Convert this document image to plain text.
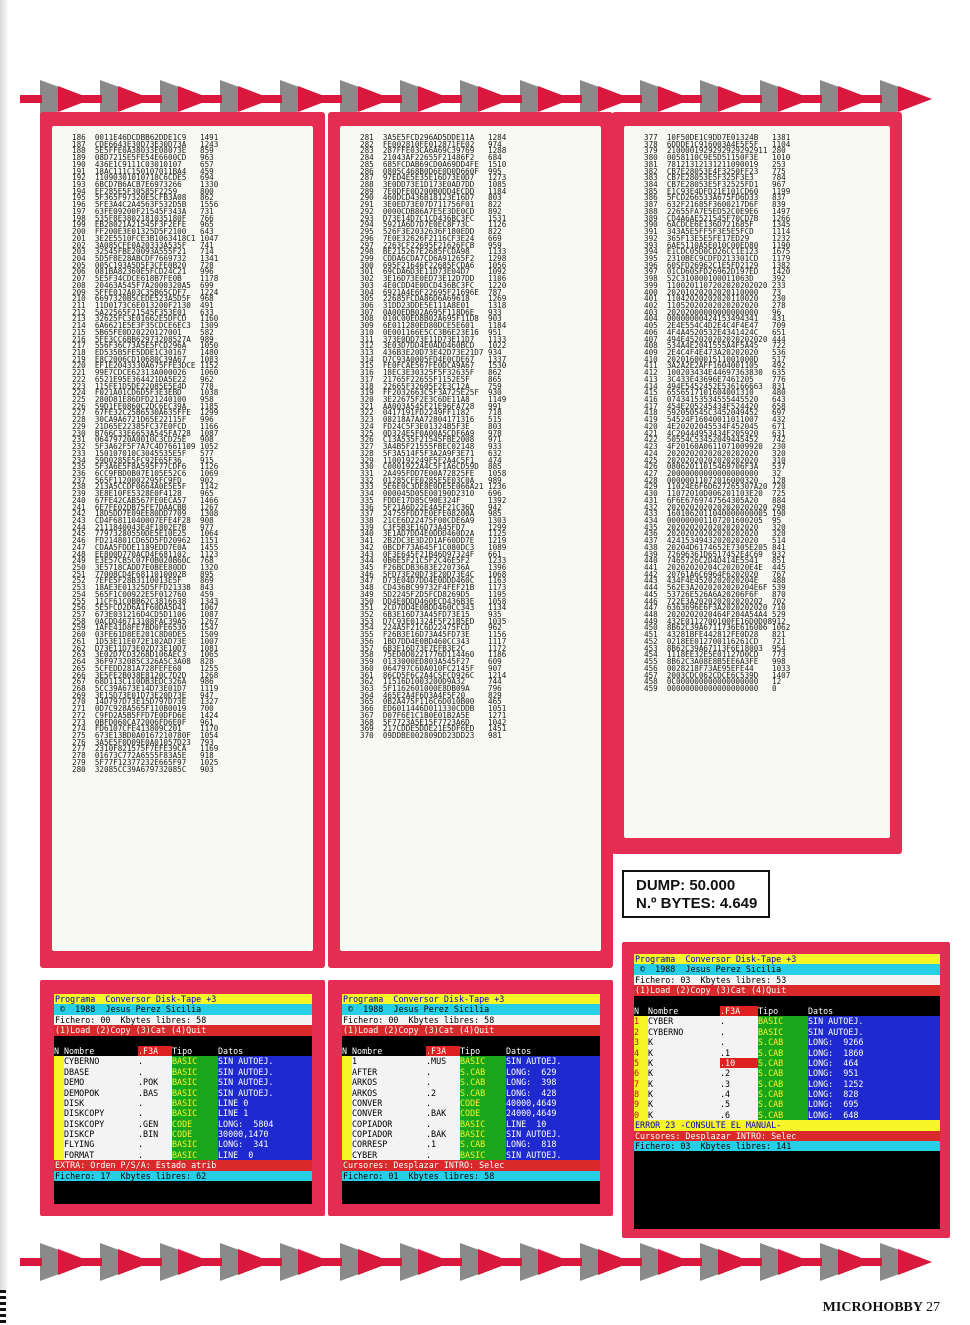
186  0011E46DCDBB62DDE1C9   1491
187  CDE6643E30D73E30D73A   1243
188  5E5FFE0A38033E08073E   859
189  08D7215E5FE54E6600CD   963
190  436E1C9111C03010107    657
191  18AC111C150107011BA4   459
192  11090301010718C6CDE5   694
193  6BCD7B6ACB7E6973266    1330
194  EF285E5F30585F2259     800
195  5F365F97320E5CFB3A08   862
196  5FE3A4C2A4563F532D5B   1556
197  63FE09200F21545F343A   731
198  535F8E3802181035180F   766
199  EB28021A21545F3F2EFE   965
200  FF200E3E01325D5F2100   643
201  3E2E5510FCE3B1063418C1 1047
202  3A085CFE0A20333A535F   741
203  32545FBE20093A555F21   714
204  5D5F8E28ABCDF7669732   1341
205  005C193A5D5F3CFE0B20   728
206  081BA82360E5FCD24C21   996
207  5E5F34CDCE618B7FE0B    1178
208  20463A545F7A2000320A5  699
209  5FFE012A03C35B65CDF7   1224
210  6697320B5CEDE523A5D5F  968
211  11D0173C6E013200F2130  491
212  5A22565F21545F353E01   633
213  32625FC3E01662E5DFCD   1160
214  6A6621E5E3F35CDCE6EC3  1309
215  5B65FE0D20220127001    582
216  5FE3CC6BB62973208527A  989
217  556F36C73A5E5FCD296A   1050
218  ED535B5FE5DDE1C30167   1480
219  E8C2006CD10680C39A67   1083
220  EF1E2043330A675FFE3DCE 1152
221  99E7CDCE62313A000026   1060
222  6521E95E364421DA5E22   962
223  115FE1D5DE22085E5E4D   778
224  F021A01CD6D5F3E3EBD    1038
225  280D81E86DFD21240100   958
226  59D1FE0860C2DC6EC39A   1185
227  67FE32C25B6530A635FFE  1299
228  30CA9A6721D65E22115F   996
229  21D65E22385FC37E0FCD   1166
230  B766C33E6653A545FA728  1087
231  06479720A0010C3CD25E   908
232  5F3A62F5F7A7C4D7661109 1052
233  150107010C3045535E5F   577
234  59D0285E5FC92E65F36    915
235  5F3A6E5F8A595F77CDF6   1126
236  6CC9FBD0B07E105E52C6   1069
237  565F1120002295FC9FD    902
238  213A5CCDF0664A0E5E5F   1142
239  3E8E10FE5328E0F4128    965
240  67FE42CAB567FE0ECA57   1466
241  6E7FE02DB75FE7DAACBB   1267
242  18D5DD7E09EE80DD7709   1308
243  CD4F6811040007EFE4F28  908
244  2111840043E4F1802E7B   977
245  77973280550DE5E10E25   1064
246  FD214801CD65D5FD20962  1151
247  CDAA5FDDE1189EDD7E0A   1455
248  EE800D770ACD4F681102   1123
249  E3E57CB5C07F0B020B60C  768
250  3E5718CADD7E0BEE80DD   1320
251  77008CD4F6811010002B   895
252  7EFE5F28B3110013E5F    869
253  18AE3E01325D5FFD21338  843
254  565F1C00922E5F012760   459
255  11CF61C0BB62C3816638   1343
256  5E5FCD2D6A1F60DA5D41   1067
257  673E031216D4CD5D1106   1087
258  0ACDD46713108FAC39A5   1267
259  1AFE41D8FE7BD0FE6530   1547
260  03FE61D8EE201C8D0DE5   1509
261  1D53E11E072E102AD73E   1007
262  D73E11D73E02D73E10D7   1081
263  3E02D7CD3268D106AEC3   1065
264  36F9732085C326A5C3A08  828
265  5CFEDD281A728FEFE60    1255
266  3E5FE2B038E8120C7D2D   1268
267  68D113C110DB3EDC326A   986
268  5CC39A673E14D73E01D7   1119
269  3E15D73E01D73E20D73E   947
270  14D797D73E15D797D73E   1327
271  0D7C928A565F110B0019   700
272  C9FD2A5B5FFD7E0DFD6E   1424
273  0BFD060CA72006FD6E0F   961
274  FD6107CFE413809C201    1170
275  673E13BD0A0167210780F  1054
276  3A5E5F0D09E0A01057D23  793
277  2310F821575F7EFE39CA   1169
278  01673C772A6555F83A5E   918
279  5F77F12377232E665F97   1025
280  32085CC39A679732085C   903
281  3A5E5FCD296AD5DDE11A   1284
282  FE002810FE012871FE02   974
283  287FFE03CA6A69C39769   1288
284  21043AF22655F21486F2   684
285  685FCDAB69CD0A69DD4FE  1510
286  0805C468B0D6E0D0D660F  995
287  97ED4E5E35E16D73E0D7   1273
288  3E0DD73E1D173E0AD7DD   1085
289  7E0DFE0D200B0DD4ECDD   1184
290  460DCD436B18123E16D7   803
291  3E0ED73E07D711756F01   822
292  0000CDB86A7E5E3DE0CD   892
293  D73E14D7C1CD436BC3FC   1531
294  5921A6D7D7E0EC8F73C    1126
295  526F3E2032636F180EDD   822
296  7E0E32626F2116CF3E24   669
297  2263CF22695F21626FCB   959
298  BE215267E2685FCDA98    1133
299  CDDA6CDA7CD6A91265F2   1298
300  695F21646F22685FCDA6   1056
301  69CDA6D3E11D73E04D7    1092
302  3E16D73E0ED73E12D7DD   1106
303  4E0CDD4E0DCD436BC3FC   1220
304  6921A4E6F22695F21696E  787
305  22685FCDA86D6A69618    1269
306  31DD23DDE5E111A8E01    1318
307  0A00EDB02A695F118D6E   933
308  010C00ED8B02A695F11D8  903
309  6E011280ED80DCE5E601   1184
310  0E001166E5CC3B6E23E16  951
311  373E0DD73E11D73E11D7   1133
312  3E03D7DD4E0ADD460BCD   1022
313  436B3E20D73E42D73E21D7 934
314  D7C93A0005FD4E0CDE67   1337
315  FE0FCAE567FE0DCA9A67   1530
316  18EC3E30325F5F32635F   862
317  21765F22655F1152E5F    865
318  22665F32605F2E3C12A    759
319  FF2032663C5F3A725E25F  930
320  3E22675F2E3C6DE11A8    1149
321  AA003A545F21E96FA728   991
322  0417191FD2249FF1182    718
323  08218A7AA72804171316   515
324  FD24C5F3E01324B5F3E    803
325  0D324E5F0A00A5CDF6A9   978
326  C13A535F21545FBE2008   971
327  3A4B5F21555FBEC02148   933
328  5F3A514F5F3A2A9F3E71   632
329  1100192249F5F2A4C5F1   474
330  C0001922A4C5F1A6CD59D  885
331  2A495FDD7E00A72825FE   1058
332  01285CFE0285E5E03C0A   989
333  5E6E0C3DE8E0DE5E066A21 1236
334  000045D05E00190D2310   696
335  FDDE17D85C90E324F      1392
336  5F21A6D22E4A5F21C36D   942
337  24755FDD7E0EFE08200A   985
338  21CE6D22475F00CDE6A9   1303
339  C3F5B3E16D73A45FD7     1299
340  3E1AD7DD4E0DDD460D2A   1125
341  2B2DC3E3D2D1AF60DD7E   1219
342  0BCDF73A645F1C080DC3   1089
343  0F3E645F21B46D97324F   661
344  0B6E5F21C5F2C46E5F2    1233
345  F26BCDB3683E220736A    1396
346  5FD73E20D73E20D73E4C   1068
347  D73E04D7DD4E0DDD460C   1163
348  CD436BC99732F4FEF21B   1173
349  5D2245F2D5FCD8269D5    1195
350  DD4E0DDD460ECD436B3E   1058
351  2CD7DD4E0BDD460CC343   1134
352  6B3E16D73A45FD73E15    935
353  D7C93E01324F5F21B5ED   1035
354  224A5F21C6D22475FCD    962
355  F26B3E16D73A45FD73E    1156
356  1BD7DD4E0BD460CC343    1117
357  6B3E16D73E7EFB3E2C     1172
358  75ED0D0221776D114460   1186
359  0133000ED803A545F27    609
360  064797C60A010FC2145F   907
361  86CD5F6C2A4CSFCD926C   1214
362  11516D1003200D9A32     744
363  5F1162601000E8DB09A    796
364  465E2A4F6D3A4F5F20     829
365  0B2A475F116C6D010B00   465
366  ED6011446D011330CDDB   1051
367  D07F6E1C1B0E01B2A5E    1271
368  5F7723A5E15F7723A6D    1042
369  217CDDE5DDE21E5DF6ED   1451
370  09DDBE002809DD23DD23   981
377  10F50DE1C9DD7E01324B   1381
378  6DDDE1C916003A4E5F5F   1104
379  2100001929292929292911 280
380  0058110C9E5D51150F3E   1010
381  78121312131211090019   253
382  CB7E28053E4F3250FF23   775
383  CB7E28053E5F325F3E3    784
384  CB7E28053E5F32525FD1   967
385  E1C93E4DFD21E101CD60   1199
386  5FCD266533A675FD6D33   837
387  632F21685F3600217D6F   839
388  22655FA7E5ED52C0E9E6   1497
389  CD4A6AE521545F70CD7B   1266
390  6ACDCE6E136D721685F    1345
391  343A5E5FF5F3E5E5FCD    1114
392  365F13E5E5FE17ED29     1232
393  6AE5110A5E010C00ED80   1190
394  E1CDC05D0CD26CC1E123   1675
395  2310BEC9CDFD213301CD   1179
396  60SFD26962C1E5FD2129   1382
397  01CD60SFD26962D197ED   1420
398  52C310000100011063D    392
399  1100201107202020202020 233
400  20201020202020110000   73
401  11042020202020110020   230
402  11052020202020202020   278
403  20202000000000000000   96
404  00000000424153494341   431
405  2E4E554C4D2E4C4F4E47   709
406  4F4A4520532E4341424C   651
407  494E452020202020202020 444
408  534A4E2041555A4F5A45   722
409  2E4C4F4E473A20202020   536
410  2020160001511001000D   517
411  3A2A2E2AFF1604001105   492
412  100203434E44697363830  635
413  3C433E43696E7461205    776
414  494E5452452E536166663  831
415  6556517101604001310    480
416  07434153534555445520   643
417  454E205245434F524420   658
418  592050545C3452049452   697
419  54524F16040011011007   432
420  4E20202045534F452045   671
421  4C20444953434F205920   631
422  50554C53452049445452   742
423  4F20160A0611071009920  230
424  20202020202020202020   320
425  20202020202020202020   310
426  08062011015469706F3A   537
427  20000000000000000000   32
428  00000011072016000320   128
429  11024E6F6D627265307A20 720
430  11072010D006201103E20  725
431  6F6E6769747564305A20   884
432  2020202020202020202020 298
433  1601062011040000000005 190
434  000000001107201600205  95
435  20202020202020202020   320
436  20202020202020202020   320
437  42415349432020202020   514
438  20204D6174652E7305E205 841
439  72696361D6517452E4C69  932
440  7465726C2D4D414E5541   851
441  20202020204C202020E4E  445
442  20761A6C6964F6202020   767
443  434F4E4520202020204E   488
444  562E3A2020202020204E6F 539
445  53726E526A6A20206F6F   870
446  722E3A202020202020202  702
447  6363696E6F3A2020202020 710
448  2020202020464F204A54A4 529
449  432E0112700100FE16D0D08912
450  8B62C39A6711736E616006 1062
451  43281BFE442812FE0D28   821
452  0218EE012700116261CD   721
453  8B62C39A67113F6E18003  954
454  1118EE32E5E01127D0CD   773
455  8B62C3A08E8B5EE6A3FE   998
456  0028218F73AE95EFE44    1033
457  2003CDC062CDCE6C539D   1407
458  0C000000000000000000   12
459  00000000000000000000   0
DUMP: 50.000
N.º BYTES: 4.649
Programa  Conversor Disk-Tape +3
©  1988  Jesus Perez Sicilia
Fichero: 00  Kbytes libres: 58
(1)Load (2)Copy (3)Cat (4)Quit
N Nombre	.F3A	Tipo	Datos
CYBERNO	.	BASIC	SIN AUTOEJ.
DBASE	.	BASIC	SIN AUTOEJ.
DEMO	.POK	BASIC	SIN AUTOEJ.
DEMOPOK	.BAS	BASIC	SIN AUTOEJ.
DISK	.	BASIC	LINE 0
DISKCOPY	.	BASIC	LINE 1
DISKCOPY	.GEN	CODE	LONG:  5804
DISKCP	.BIN	CODE	30000,1470
FLYING	.	BASIC	LONG:  341
FORMAT	.	BASIC	LINE  0
EXTRA: Orden P/S/A: Estado atrib
Fichero: 17  Kbytes libres: 62
Programa  Conversor Disk-Tape +3
©  1988  Jesus Perez Sicilia
Fichero: 00  Kbytes libres: 58
(1)Load (2)Copy (3)Cat (4)Quit
N Nombre	.F3A	Tipo	Datos
1	.MUS	BASIC	SIN AUTOEJ.
AFTER	.	S.CAB	LONG:  629
ARKOS	.	S.CAB	LONG:  398
ARKOS	.2	S.CAB	LONG:  428
CONVER	.	CODE	40000,4649
CONVER	.BAK	CODE	24000,4649
COPIADOR	.	BASIC	LINE  10
COPIADOR	.BAK	BASIC	SIN AUTOEJ.
CORRESP	.1	S.CAB	LONG:  818
CYBER	.	BASIC	SIN AUTOEJ.
Cursores: Desplazar INTRO: Selec
Fichero: 01  Kbytes libres: 58
Programa  Conversor Disk-Tape +3
©  1988  Jesus Perez Sicilia
Fichero: 03  Kbytes libres: 53
(1)Load (2)Copy (3)Cat (4)Quit
N	Nombre	.F3A	Tipo	Datos
1	CYBER	.	BASIC	SIN AUTOEJ.
2	CYBERNO	.	BASIC	SIN AUTOEJ.
3	K	.	S.CAB	LONG:  9266
4	K	.1	S.CAB	LONG:  1860
5	K	.10	S.CAB	LONG:  464
6	K	.2	S.CAB	LONG:  951
7	K	.3	S.CAB	LONG:  1252
8	K	.4	S.CAB	LONG:  828
9	K	.5	S.CAB	LONG:  695
0	K	.6	S.CAB	LONG:  648
ERROR 23 -CONSULTE EL MANUAL-
Cursores: Desplazar INTRO: Selec
Fichero: 03  Kbytes libres: 141
MICROHOBBY 27
